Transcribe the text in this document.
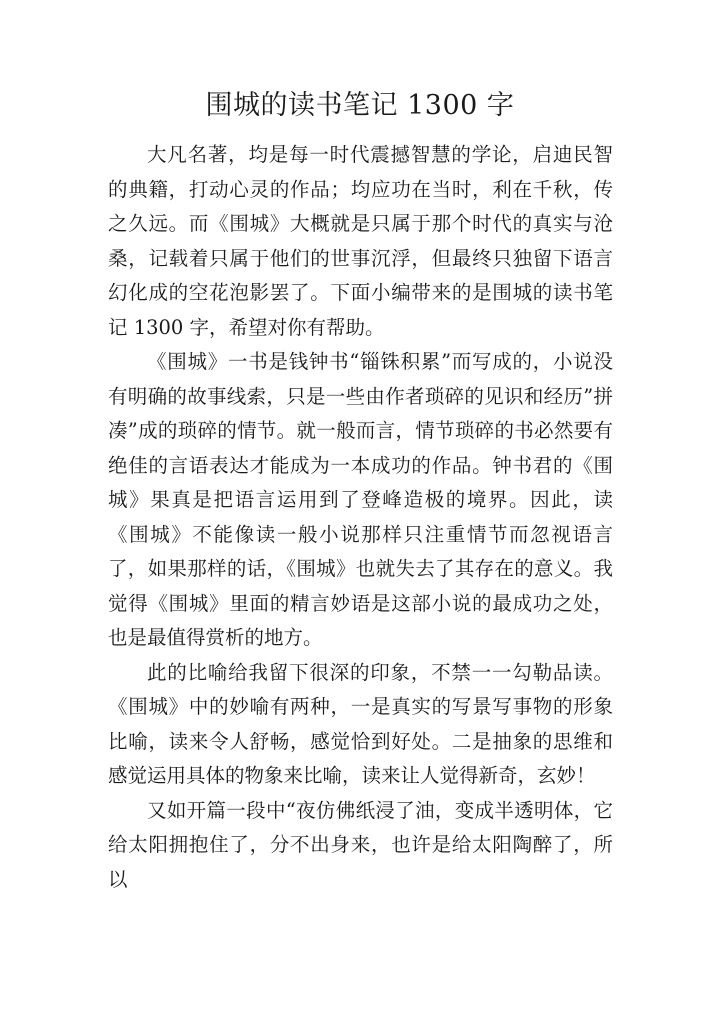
围城的读书笔记 1300 字

大凡名著，均是每一时代震撼智慧的学论，启迪民智的典籍，打动心灵的作品；均应功在当时，利在千秋，传之久远。而《围城》大概就是只属于那个时代的真实与沧桑，记载着只属于他们的世事沉浮，但最终只独留下语言幻化成的空花泡影罢了。下面小编带来的是围城的读书笔记 1300 字，希望对你有帮助。

《围城》一书是钱钟书“锱铢积累”而写成的，小说没有明确的故事线索，只是一些由作者琐碎的见识和经历”拼凑”成的琐碎的情节。就一般而言，情节琐碎的书必然要有绝佳的言语表达才能成为一本成功的作品。钟书君的《围城》果真是把语言运用到了登峰造极的境界。因此，读《围城》不能像读一般小说那样只注重情节而忽视语言了，如果那样的话，《围城》也就失去了其存在的意义。我觉得《围城》里面的精言妙语是这部小说的最成功之处，也是最值得赏析的地方。

此的比喻给我留下很深的印象，不禁一一勾勒品读。《围城》中的妙喻有两种，一是真实的写景写事物的形象比喻，读来令人舒畅，感觉恰到好处。二是抽象的思维和感觉运用具体的物象来比喻，读来让人觉得新奇，玄妙！

又如开篇一段中“夜仿佛纸浸了油，变成半透明体，它给太阳拥抱住了，分不出身来，也许是给太阳陶醉了，所以
